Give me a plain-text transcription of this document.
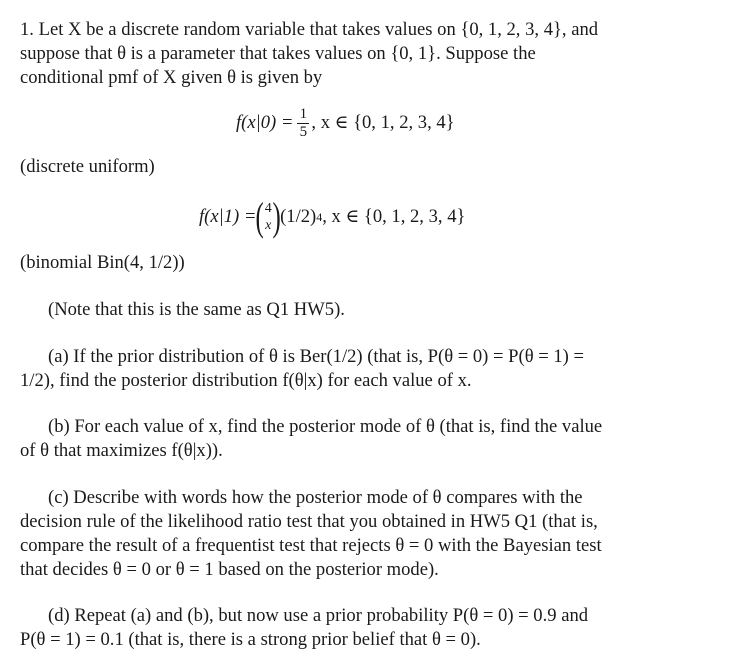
1. Let X be a discrete random variable that takes values on {0, 1, 2, 3, 4}, and
suppose that θ is a parameter that takes values on {0, 1}. Suppose the
conditional pmf of X given θ is given by
$f(x|0) = \frac{1}{5}$ , x ∈ {0, 1, 2, 3, 4}
(discrete uniform)
f(x|1) = ( 4
x ) (1/2) 4 , x ∈ {0, 1, 2, 3, 4}
(binomial Bin(4, 1/2))
(Note that this is the same as Q1 HW5).
(a) If the prior distribution of θ is Ber(1/2) (that is, P(θ = 0) = P(θ = 1) =
1/2), find the posterior distribution f(θ|x) for each value of x.
(b) For each value of x, find the posterior mode of θ (that is, find the value
of θ that maximizes f(θ|x)).
(c) Describe with words how the posterior mode of θ compares with the
decision rule of the likelihood ratio test that you obtained in HW5 Q1 (that is,
compare the result of a frequentist test that rejects θ = 0 with the Bayesian test
that decides θ = 0 or θ = 1 based on the posterior mode).
(d) Repeat (a) and (b), but now use a prior probability P(θ = 0) = 0.9 and
P(θ = 1) = 0.1 (that is, there is a strong prior belief that θ = 0).
